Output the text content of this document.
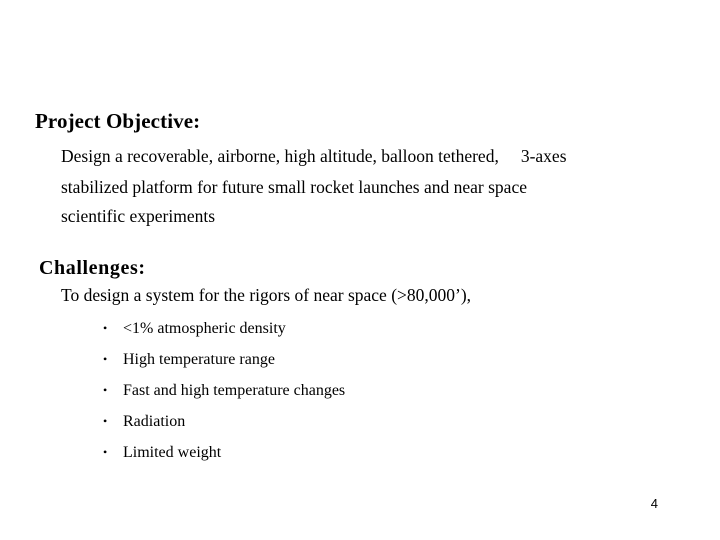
Project Objective:
Design a recoverable, airborne, high altitude, balloon tethered, 3-axes
stabilized platform for future small rocket launches and near space
scientific experiments
Challenges:
To design a system for the rigors of near space (>80,000’),
• <1% atmospheric density
• High temperature range
• Fast and high temperature changes
• Radiation
• Limited weight
4
